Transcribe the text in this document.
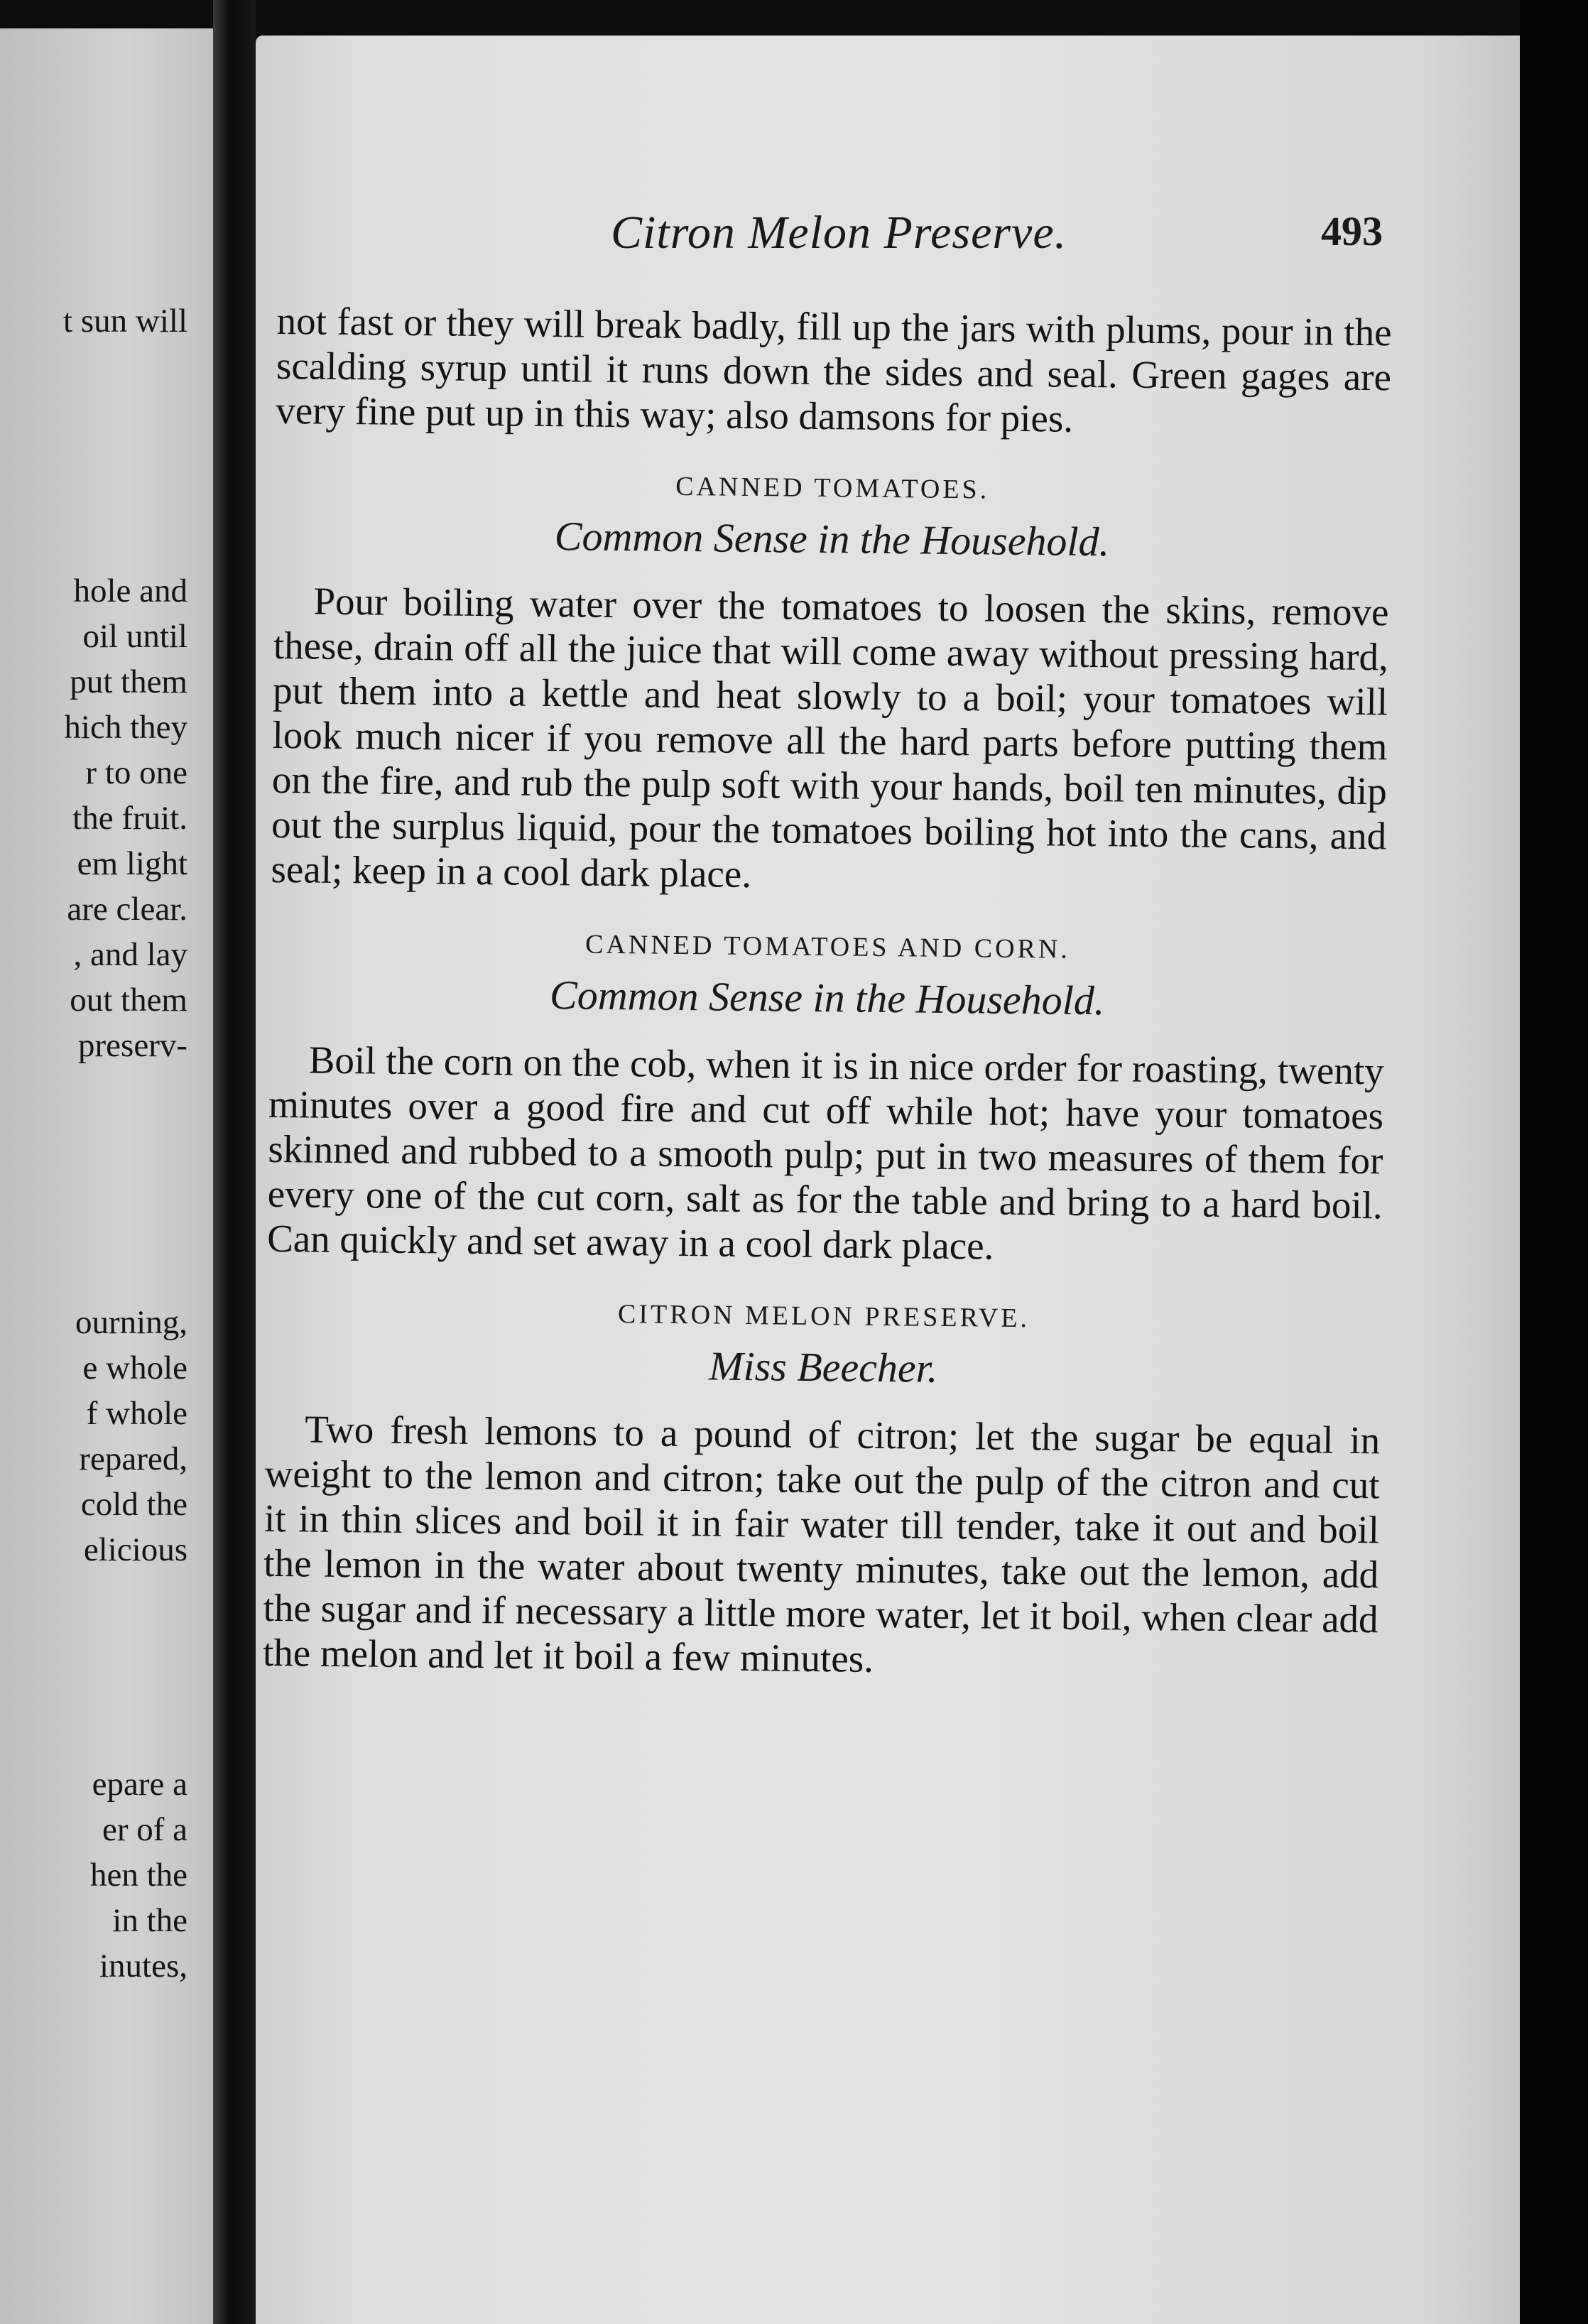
t sun will
hole and
oil until
put them
hich they
r to one
the fruit.
em light
are clear.
, and lay
out them
preserv-
ourning,
e whole
f whole
repared,
cold the
elicious
epare a
er of a
hen the
in the
inutes,
Citron Melon Preserve.	493

not fast or they will break badly, fill up the jars with plums, pour in the scalding syrup until it runs down the sides and seal. Green gages are very fine put up in this way; also damsons for pies.

CANNED TOMATOES.
Common Sense in the Household.

Pour boiling water over the tomatoes to loosen the skins, remove these, drain off all the juice that will come away without pressing hard, put them into a kettle and heat slowly to a boil; your tomatoes will look much nicer if you remove all the hard parts before putting them on the fire, and rub the pulp soft with your hands, boil ten minutes, dip out the surplus liquid, pour the tomatoes boiling hot into the cans, and seal; keep in a cool dark place.

CANNED TOMATOES AND CORN.
Common Sense in the Household.

Boil the corn on the cob, when it is in nice order for roasting, twenty minutes over a good fire and cut off while hot; have your tomatoes skinned and rubbed to a smooth pulp; put in two measures of them for every one of the cut corn, salt as for the table and bring to a hard boil. Can quickly and set away in a cool dark place.

CITRON MELON PRESERVE.
Miss Beecher.

Two fresh lemons to a pound of citron; let the sugar be equal in weight to the lemon and citron; take out the pulp of the citron and cut it in thin slices and boil it in fair water till tender, take it out and boil the lemon in the water about twenty minutes, take out the lemon, add the sugar and if necessary a little more water, let it boil, when clear add the melon and let it boil a few minutes.
